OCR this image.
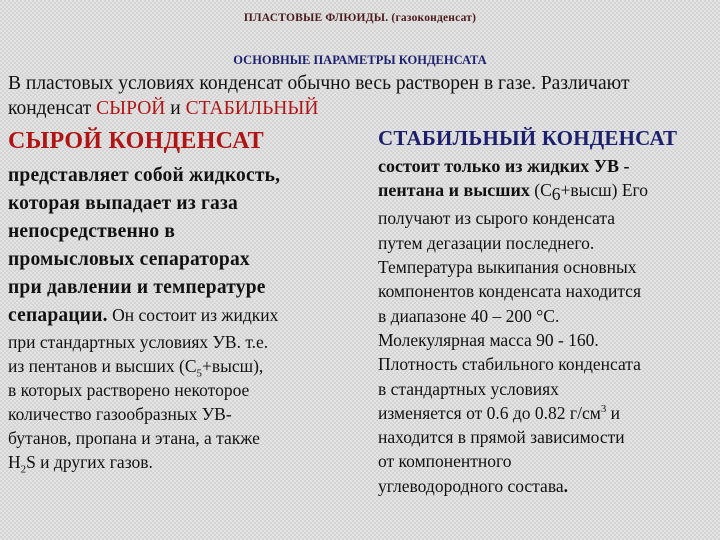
ПЛАСТОВЫЕ ФЛЮИДЫ. (газоконденсат)
ОСНОВНЫЕ ПАРАМЕТРЫ КОНДЕНСАТА
В пластовых условиях конденсат обычно весь растворен в газе. Различают
конденсат СЫРОЙ и СТАБИЛЬНЫЙ
СЫРОЙ КОНДЕНСАТ
представляет собой жидкость,
которая выпадает из газа
непосредственно в
промысловых сепараторах
при давлении и температуре
сепарации. Он состоит из жидких
при стандартных условиях УВ. т.е.
из пентанов и высших $(С_5+высш)$,
в которых растворено некоторое
количество газообразных УВ-
бутанов, пропана и этана, а также
$H_2S$ и других газов.
СТАБИЛЬНЫЙ КОНДЕНСАТ
состоит только из жидких УВ -
пентана и высших $(С_6+высш)$ Его
получают из сырого конденсата
путем дегазации последнего.
Температура выкипания основных
компонентов конденсата находится
в диапазоне 40 – 200 °С.
Молекулярная масса 90 - 160.
Плотность стабильного конденсата
в стандартных условиях
изменяется от 0.6 до 0.82 $г/см^3$ и
находится в прямой зависимости
от компонентного
углеводородного состава.
